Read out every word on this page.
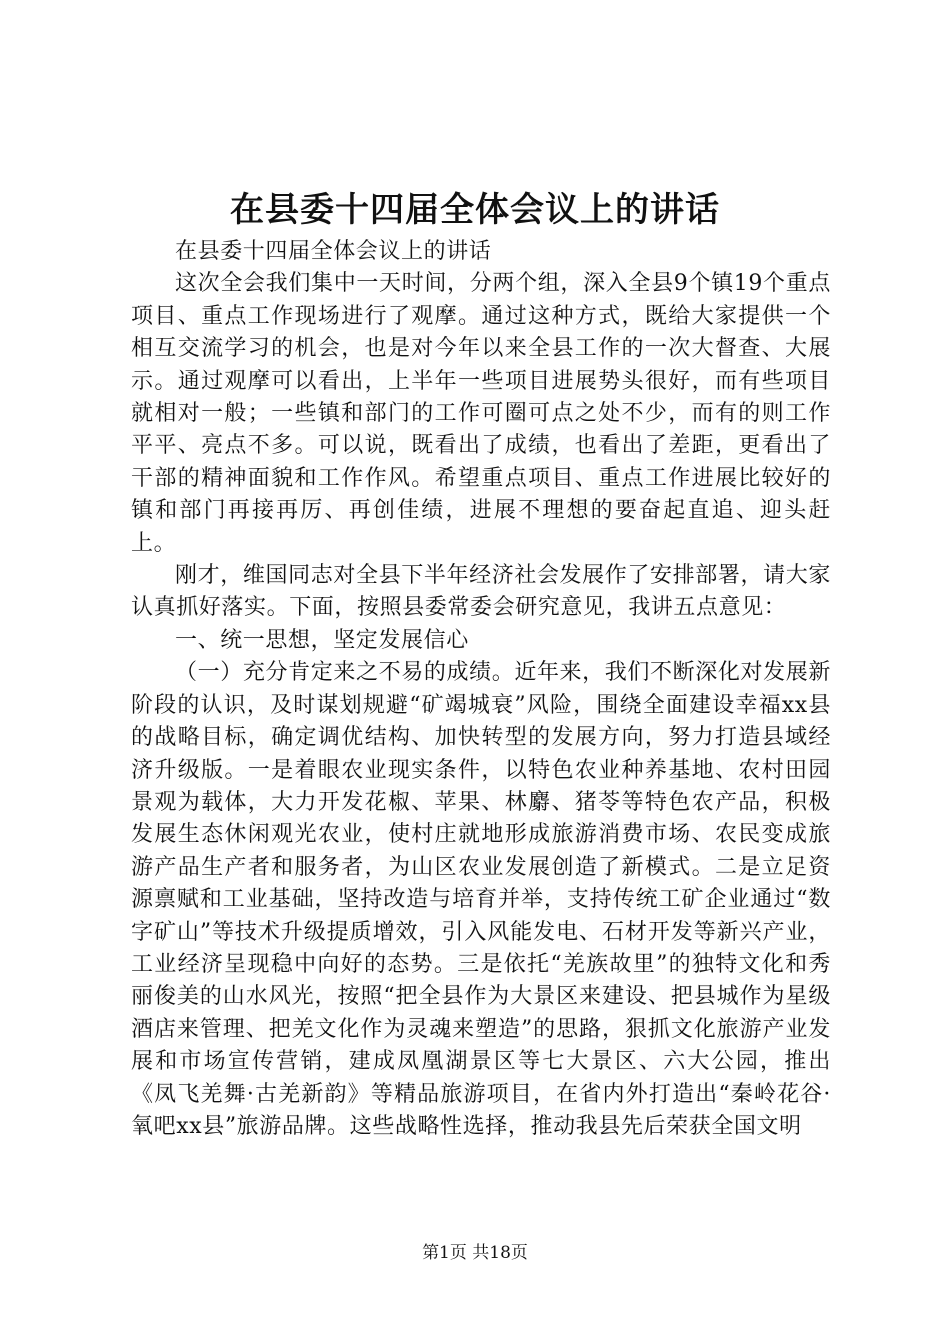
在县委十四届全体会议上的讲话

在县委十四届全体会议上的讲话

这次全会我们集中一天时间，分两个组，深入全县9个镇19个重点项目、重点工作现场进行了观摩。通过这种方式，既给大家提供一个相互交流学习的机会，也是对今年以来全县工作的一次大督查、大展示。通过观摩可以看出，上半年一些项目进展势头很好，而有些项目就相对一般；一些镇和部门的工作可圈可点之处不少，而有的则工作平平、亮点不多。可以说，既看出了成绩，也看出了差距，更看出了干部的精神面貌和工作作风。希望重点项目、重点工作进展比较好的镇和部门再接再厉、再创佳绩，进展不理想的要奋起直追、迎头赶上。

刚才，维国同志对全县下半年经济社会发展作了安排部署，请大家认真抓好落实。下面，按照县委常委会研究意见，我讲五点意见：

一、统一思想，坚定发展信心

（一）充分肯定来之不易的成绩。近年来，我们不断深化对发展新阶段的认识，及时谋划规避“矿竭城衰”风险，围绕全面建设幸福xx县的战略目标，确定调优结构、加快转型的发展方向，努力打造县域经济升级版。一是着眼农业现实条件，以特色农业种养基地、农村田园景观为载体，大力开发花椒、苹果、林麝、猪苓等特色农产品，积极发展生态休闲观光农业，使村庄就地形成旅游消费市场、农民变成旅游产品生产者和服务者，为山区农业发展创造了新模式。二是立足资源禀赋和工业基础，坚持改造与培育并举，支持传统工矿企业通过“数字矿山”等技术升级提质增效，引入风能发电、石材开发等新兴产业，工业经济呈现稳中向好的态势。三是依托“羌族故里”的独特文化和秀丽俊美的山水风光，按照“把全县作为大景区来建设、把县城作为星级酒店来管理、把羌文化作为灵魂来塑造”的思路，狠抓文化旅游产业发展和市场宣传营销，建成凤凰湖景区等七大景区、六大公园，推出《凤飞羌舞·古羌新韵》等精品旅游项目，在省内外打造出“秦岭花谷·氧吧xx县”旅游品牌。这些战略性选择，推动我县先后荣获全国文明

第1页 共18页
